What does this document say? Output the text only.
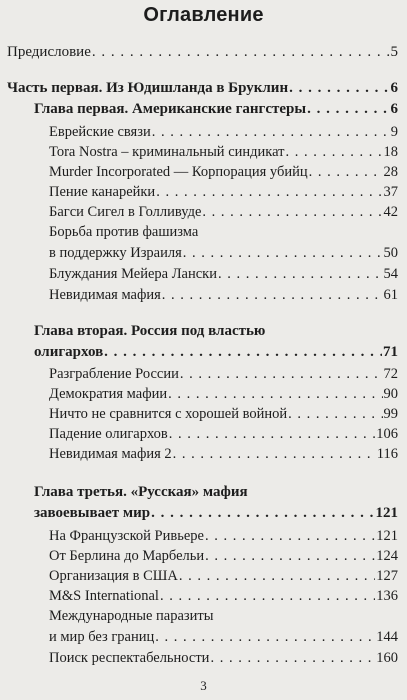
Оглавление
Предисловие . . .	5
Часть первая. Из Юдишланда в Бруклин . . .	6
Глава первая. Американские гангстеры . . .	6
Еврейские связи . . .	9
Tora Nostra – криминальный синдикат . . .	18
Murder Incorporated — Корпорация убийц . . .	28
Пение канарейки . . .	37
Багси Сигел в Голливуде . . .	42
Борьба против фашизма
в поддержку Израиля . . .	50
Блуждания Мейера Лански . . .	54
Невидимая мафия . . .	61
Глава вторая. Россия под властью
олигархов . . .	71
Разграбление России . . .	72
Демократия мафии . . .	90
Ничто не сравнится с хорошей войной . . .	99
Падение олигархов . . .	106
Невидимая мафия 2 . . .	116
Глава третья. «Русская» мафия
завоевывает мир . . .	121
На Французской Ривьере . . .	121
От Берлина до Марбельи . . .	124
Организация в США . . .	127
M&S International . . .	136
Международные паразиты
и мир без границ . . .	144
Поиск респектабельности . . .	160
3
